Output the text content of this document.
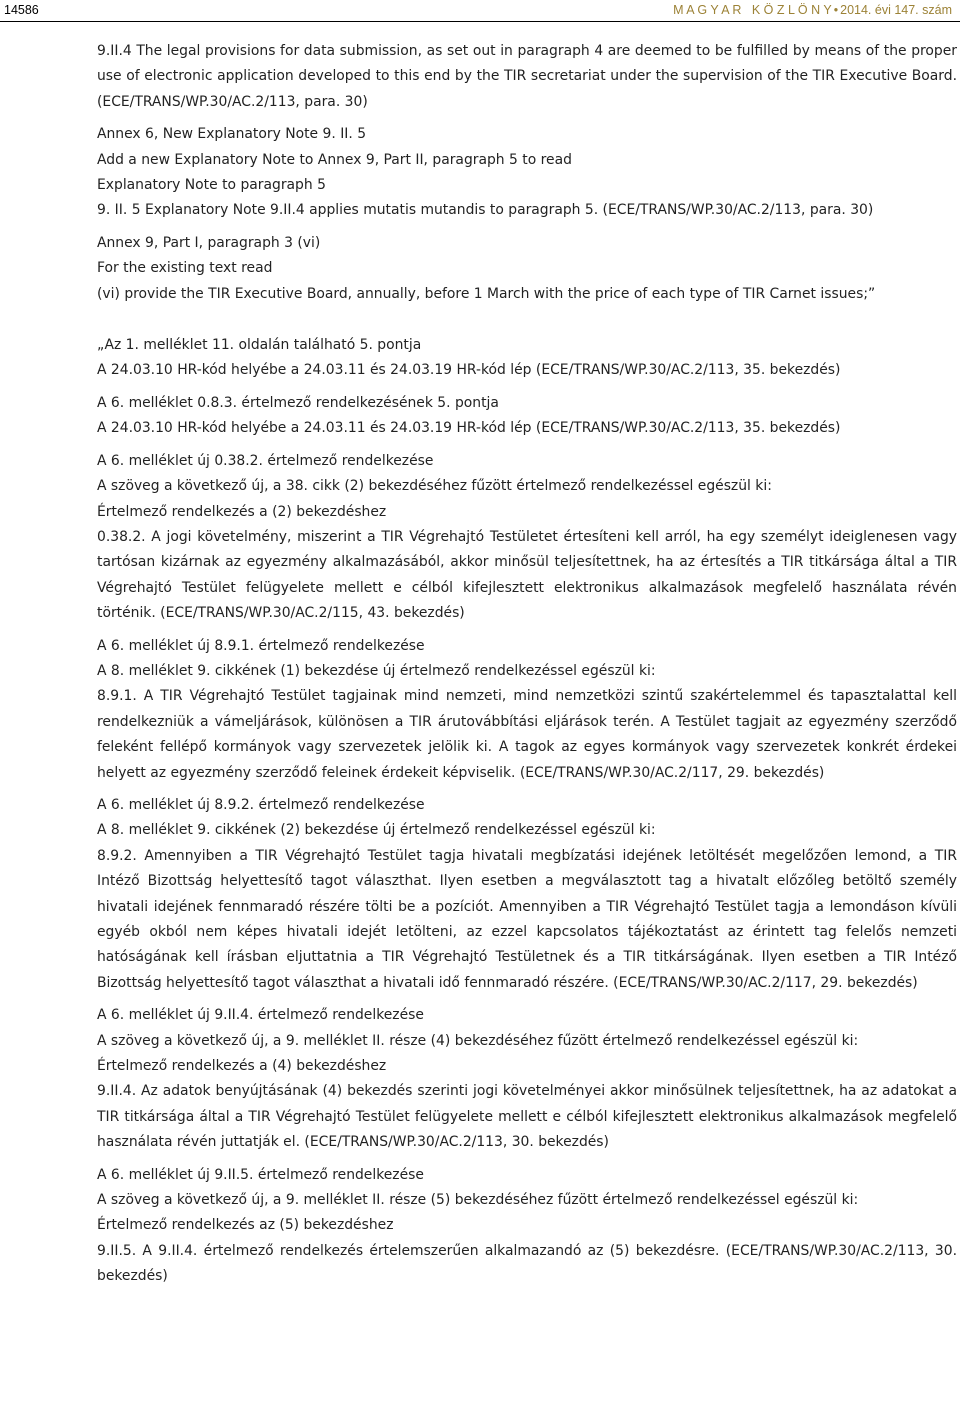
14586	M A G Y A R   K Ö Z L Ö N Y • 2014. évi 147. szám

9.II.4 The legal provisions for data submission, as set out in paragraph 4 are deemed to be fulfilled by means of the proper use of electronic application developed to this end by the TIR secretariat under the supervision of the TIR Executive Board. (ECE/TRANS/WP.30/AC.2/113, para. 30)

Annex 6, New Explanatory Note 9. II. 5

Add a new Explanatory Note to Annex 9, Part II, paragraph 5 to read

Explanatory Note to paragraph 5

9. II. 5 Explanatory Note 9.II.4 applies mutatis mutandis to paragraph 5. (ECE/TRANS/WP.30/AC.2/113, para. 30)

Annex 9, Part I, paragraph 3 (vi)

For the existing text read

(vi) provide the TIR Executive Board, annually, before 1 March with the price of each type of TIR Carnet issues;”

„Az 1. melléklet 11. oldalán található 5. pontja

A 24.03.10 HR-kód helyébe a 24.03.11 és 24.03.19 HR-kód lép (ECE/TRANS/WP.30/AC.2/113, 35. bekezdés)

A 6. melléklet 0.8.3. értelmező rendelkezésének 5. pontja

A 24.03.10 HR-kód helyébe a 24.03.11 és 24.03.19 HR-kód lép (ECE/TRANS/WP.30/AC.2/113, 35. bekezdés)

A 6. melléklet új 0.38.2. értelmező rendelkezése

A szöveg a következő új, a 38. cikk (2) bekezdéséhez fűzött értelmező rendelkezéssel egészül ki:

Értelmező rendelkezés a (2) bekezdéshez

0.38.2. A jogi követelmény, miszerint a TIR Végrehajtó Testületet értesíteni kell arról, ha egy személyt ideiglenesen vagy tartósan kizárnak az egyezmény alkalmazásából, akkor minősül teljesítettnek, ha az értesítés a TIR titkársága által a TIR Végrehajtó Testület felügyelete mellett e célból kifejlesztett elektronikus alkalmazások megfelelő használata révén történik. (ECE/TRANS/WP.30/AC.2/115, 43. bekezdés)

A 6. melléklet új 8.9.1. értelmező rendelkezése

A 8. melléklet 9. cikkének (1) bekezdése új értelmező rendelkezéssel egészül ki:

8.9.1. A TIR Végrehajtó Testület tagjainak mind nemzeti, mind nemzetközi szintű szakértelemmel és tapasztalattal kell rendelkezniük a vámeljárások, különösen a TIR árutovábbítási eljárások terén. A Testület tagjait az egyezmény szerződő feleként fellépő kormányok vagy szervezetek jelölik ki. A tagok az egyes kormányok vagy szervezetek konkrét érdekei helyett az egyezmény szerződő feleinek érdekeit képviselik. (ECE/TRANS/WP.30/AC.2/117, 29. bekezdés)

A 6. melléklet új 8.9.2. értelmező rendelkezése

A 8. melléklet 9. cikkének (2) bekezdése új értelmező rendelkezéssel egészül ki:

8.9.2. Amennyiben a TIR Végrehajtó Testület tagja hivatali megbízatási idejének letöltését megelőzően lemond, a TIR Intéző Bizottság helyettesítő tagot választhat. Ilyen esetben a megválasztott tag a hivatalt előzőleg betöltő személy hivatali idejének fennmaradó részére tölti be a pozíciót. Amennyiben a TIR Végrehajtó Testület tagja a lemondáson kívüli egyéb okból nem képes hivatali idejét letölteni, az ezzel kapcsolatos tájékoztatást az érintett tag felelős nemzeti hatóságának kell írásban eljuttatnia a TIR Végrehajtó Testületnek és a TIR titkárságának. Ilyen esetben a TIR Intéző Bizottság helyettesítő tagot választhat a hivatali idő fennmaradó részére. (ECE/TRANS/WP.30/AC.2/117, 29. bekezdés)

A 6. melléklet új 9.II.4. értelmező rendelkezése

A szöveg a következő új, a 9. melléklet II. része (4) bekezdéséhez fűzött értelmező rendelkezéssel egészül ki:

Értelmező rendelkezés a (4) bekezdéshez

9.II.4. Az adatok benyújtásának (4) bekezdés szerinti jogi követelményei akkor minősülnek teljesítettnek, ha az adatokat a TIR titkársága által a TIR Végrehajtó Testület felügyelete mellett e célból kifejlesztett elektronikus alkalmazások megfelelő használata révén juttatják el. (ECE/TRANS/WP.30/AC.2/113, 30. bekezdés)

A 6. melléklet új 9.II.5. értelmező rendelkezése

A szöveg a következő új, a 9. melléklet II. része (5) bekezdéséhez fűzött értelmező rendelkezéssel egészül ki:

Értelmező rendelkezés az (5) bekezdéshez

9.II.5. A 9.II.4. értelmező rendelkezés értelemszerűen alkalmazandó az (5) bekezdésre. (ECE/TRANS/WP.30/AC.2/113, 30. bekezdés)
